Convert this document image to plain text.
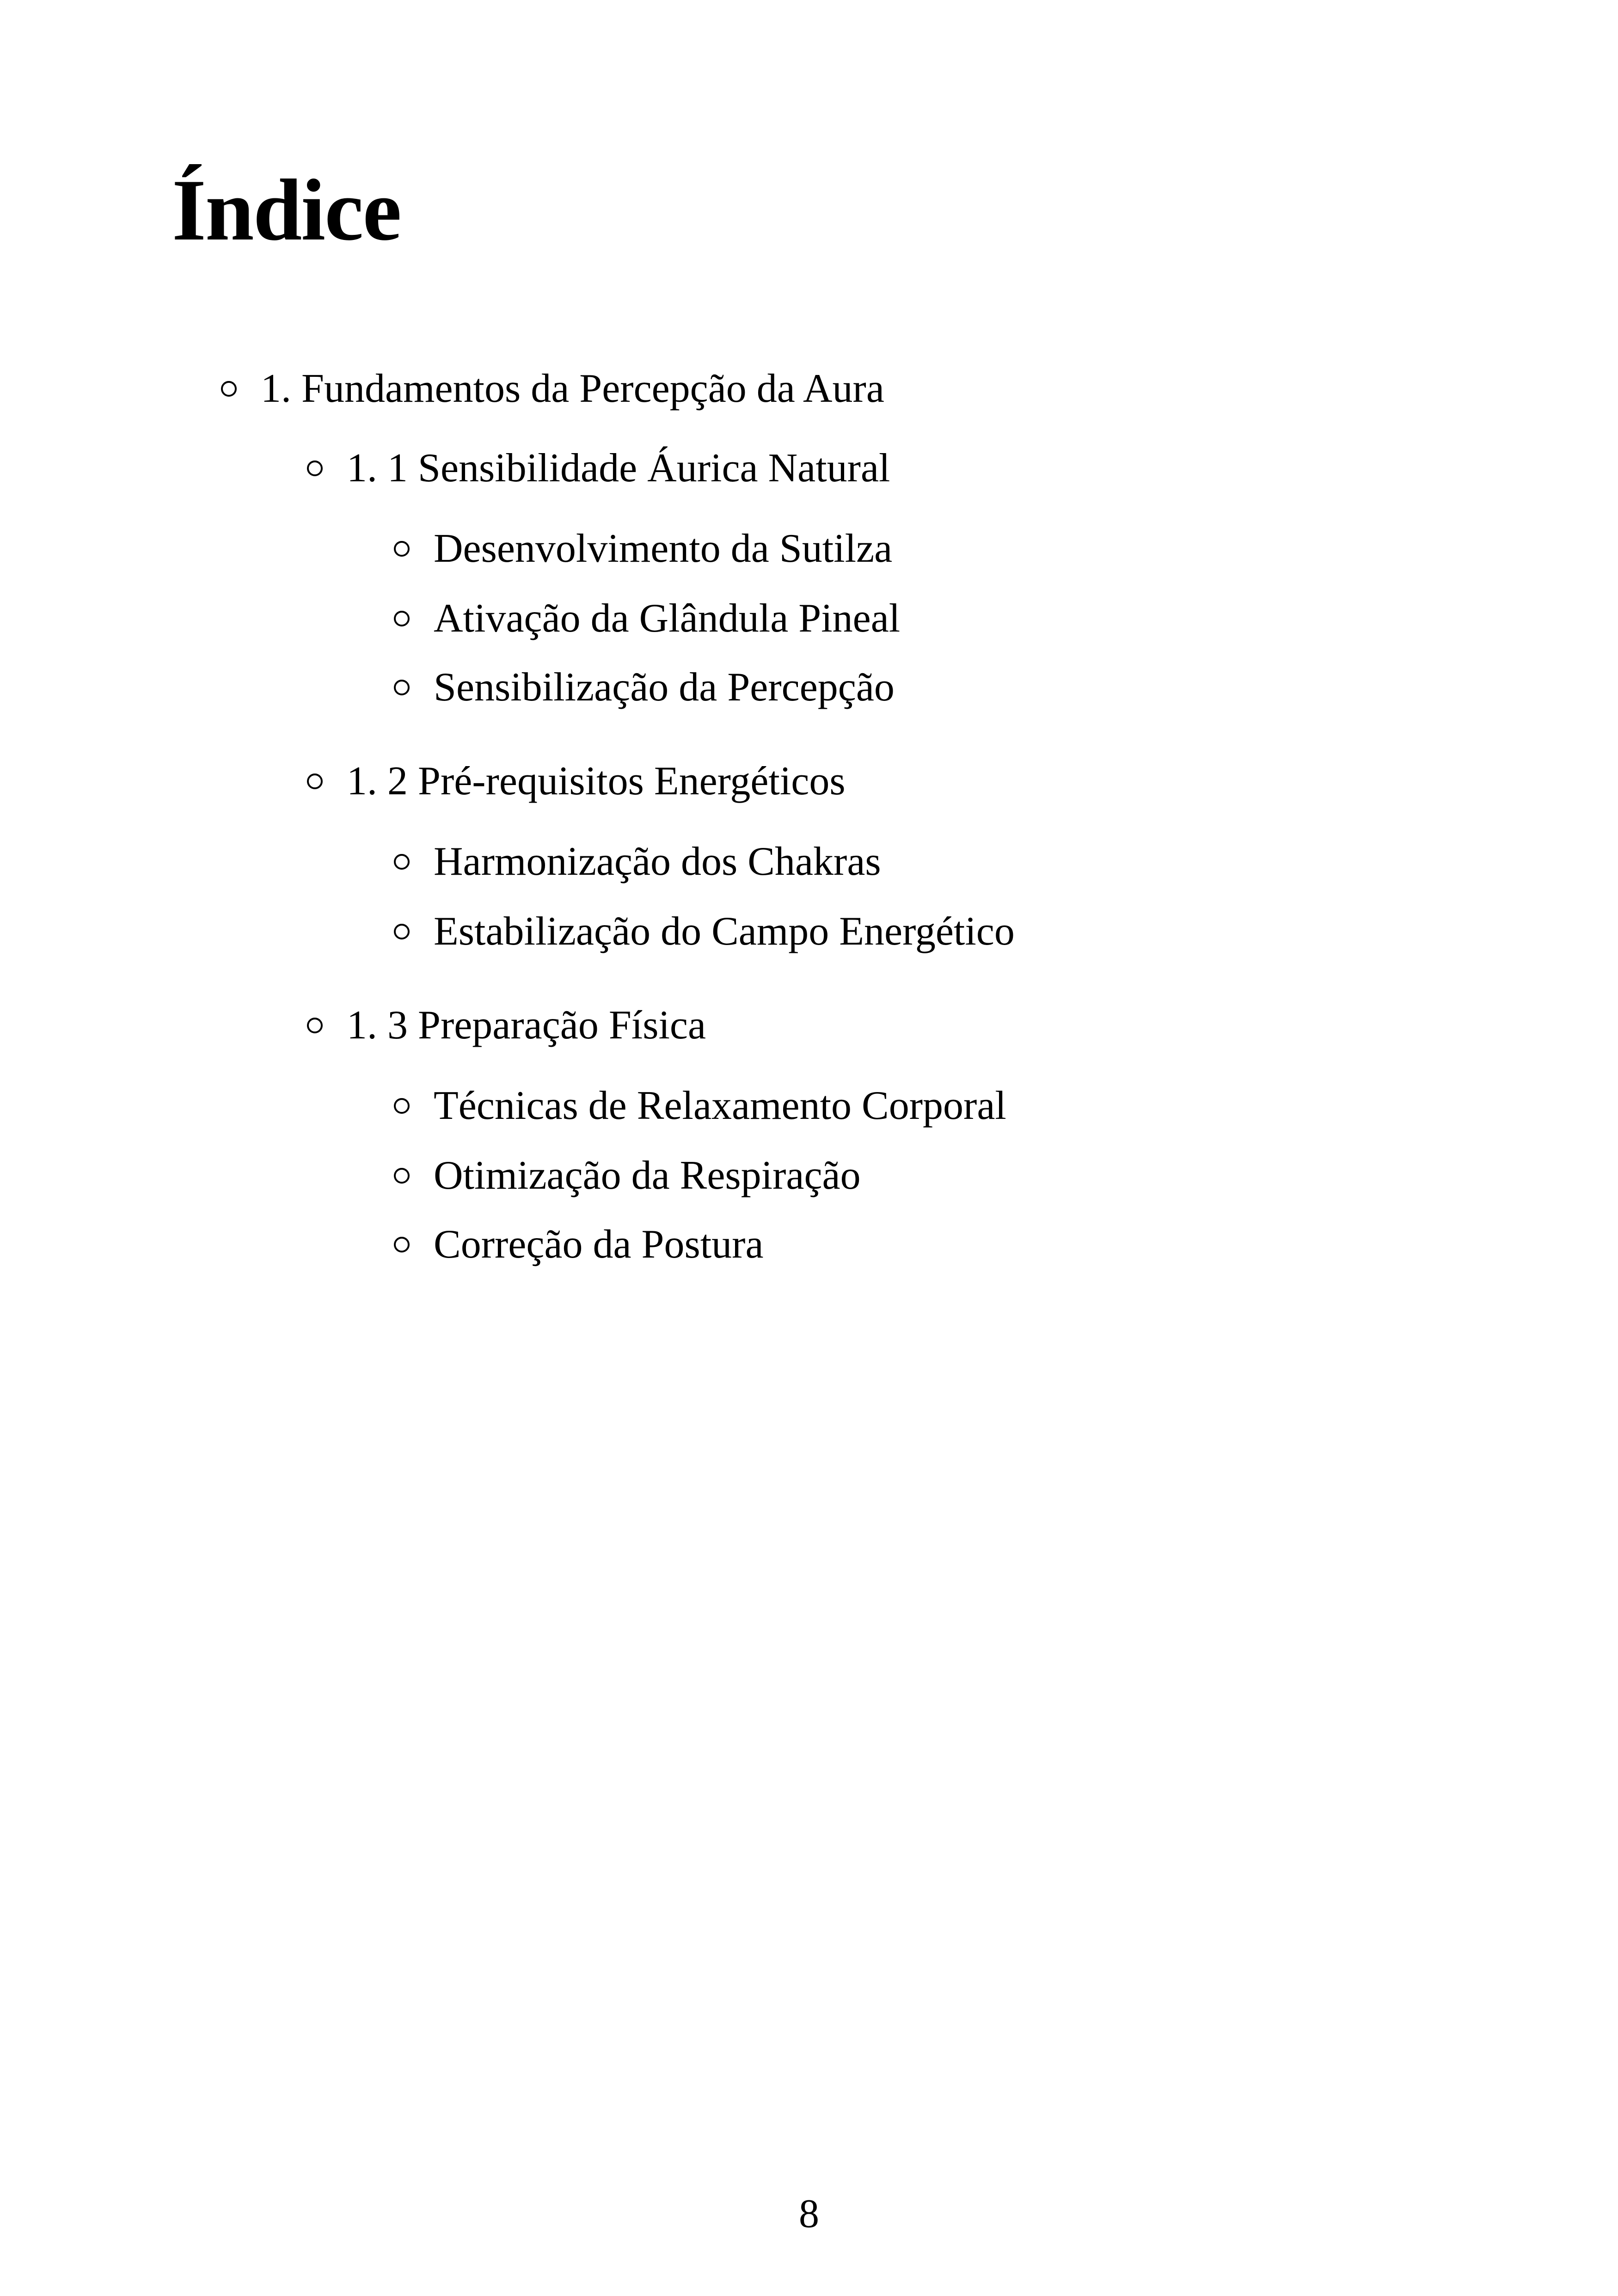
Índice
1. Fundamentos da Percepção da Aura
1. 1 Sensibilidade Áurica Natural
Desenvolvimento da Sutilza
Ativação da Glândula Pineal
Sensibilização da Percepção
1. 2 Pré-requisitos Energéticos
Harmonização dos Chakras
Estabilização do Campo Energético
1. 3 Preparação Física
Técnicas de Relaxamento Corporal
Otimização da Respiração
Correção da Postura
8
